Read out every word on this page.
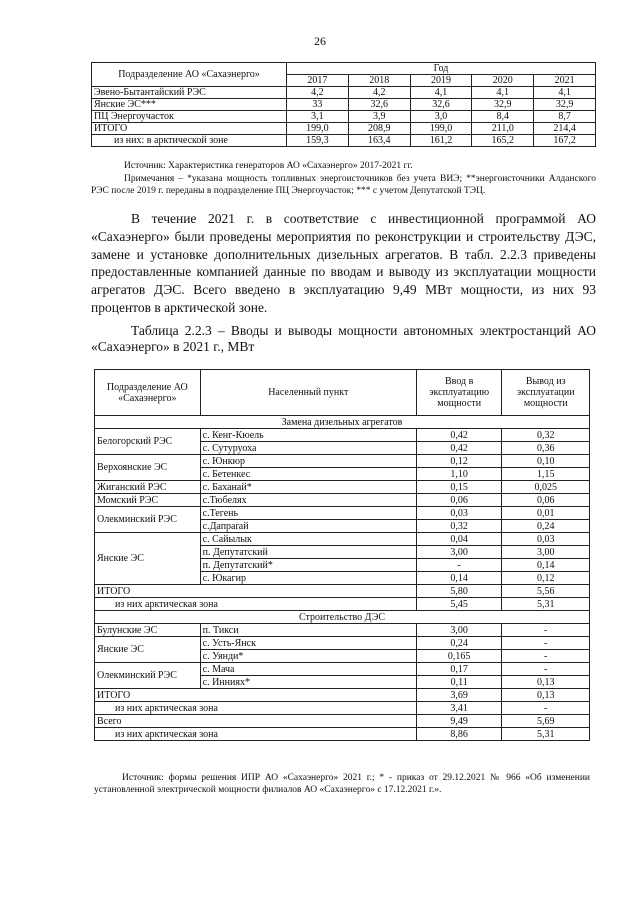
26
Подразделение АО «Сахаэнерго»	Год				
	2017	2018	2019	2020	2021
Эвено-Бытантайский РЭС	4,2	4,2	4,1	4,1	4,1
Янские ЭС***	33	32,6	32,6	32,9	32,9
ПЦ Энергоучасток	3,1	3,9	3,0	8,4	8,7
ИТОГО	199,0	208,9	199,0	211,0	214,4
из них: в арктической зоне	159,3	163,4	161,2	165,2	167,2
Источник: Характеристика генераторов АО «Сахаэнерго» 2017-2021 гг.
Примечания – *указана мощность топливных энергоисточников без учета ВИЭ; **энергоисточники Алданского РЭС после 2019 г. переданы в подразделение ПЦ Энергоучасток; *** с учетом Депутатской ТЭЦ.
В течение 2021 г. в соответствие с инвестиционной программой АО «Сахаэнерго» были проведены мероприятия по реконструкции и строительству ДЭС, замене и установке дополнительных дизельных агрегатов. В табл. 2.2.3 приведены предоставленные компанией данные по вводам и выводу из эксплуатации мощности агрегатов ДЭС. Всего введено в эксплуатацию 9,49 МВт мощности, из них 93 процентов в арктической зоне.
Таблица 2.2.3 – Вводы и выводы мощности автономных электростанций АО «Сахаэнерго» в 2021 г., МВт
Подразделение АО «Сахаэнерго»	Населенный пункт	Ввод в эксплуатацию мощности	Вывод из эксплуатации мощности
Замена дизельных агрегатов			
Белогорский РЭС	с. Кенг-Кюель	0,42	0,32
	с. Сутуруоха	0,42	0,36
Верхоянские ЭС	с. Юнкюр	0,12	0,10
	с. Бетенкес	1,10	1,15
Жиганский РЭС	с. Баханай*	0,15	0,025
Момский РЭС	с.Тюбелях	0,06	0,06
Олекминский РЭС	с.Тегень	0,03	0,01
	с.Дапparaй	0,32	0,24
Янские ЭС	с. Сайылык	0,04	0,03
	п. Депутатский	3,00	3,00
	п. Депутатский*	-	0,14
	с. Юкагир	0,14	0,12
ИТОГО		5,80	5,56
из них арктическая зона		5,45	5,31
Строительство ДЭС			
Булунские ЭС	п. Тикси	3,00	-
Янские ЭС	с. Усть-Янск	0,24	-
	с. Уянди*	0,165	-
Олекминский РЭС	с. Мача	0,17	-
	с. Инниях*	0,11	0,13
ИТОГО		3,69	0,13
из них арктическая зона		3,41	-
Всего		9,49	5,69
из них арктическая зона		8,86	5,31
Источник: формы решения ИПР АО «Сахаэнерго» 2021 г.; * - приказ от 29.12.2021 № 966 «Об изменении установленной электрической мощности филиалов АО «Сахаэнерго» с 17.12.2021 г.».
